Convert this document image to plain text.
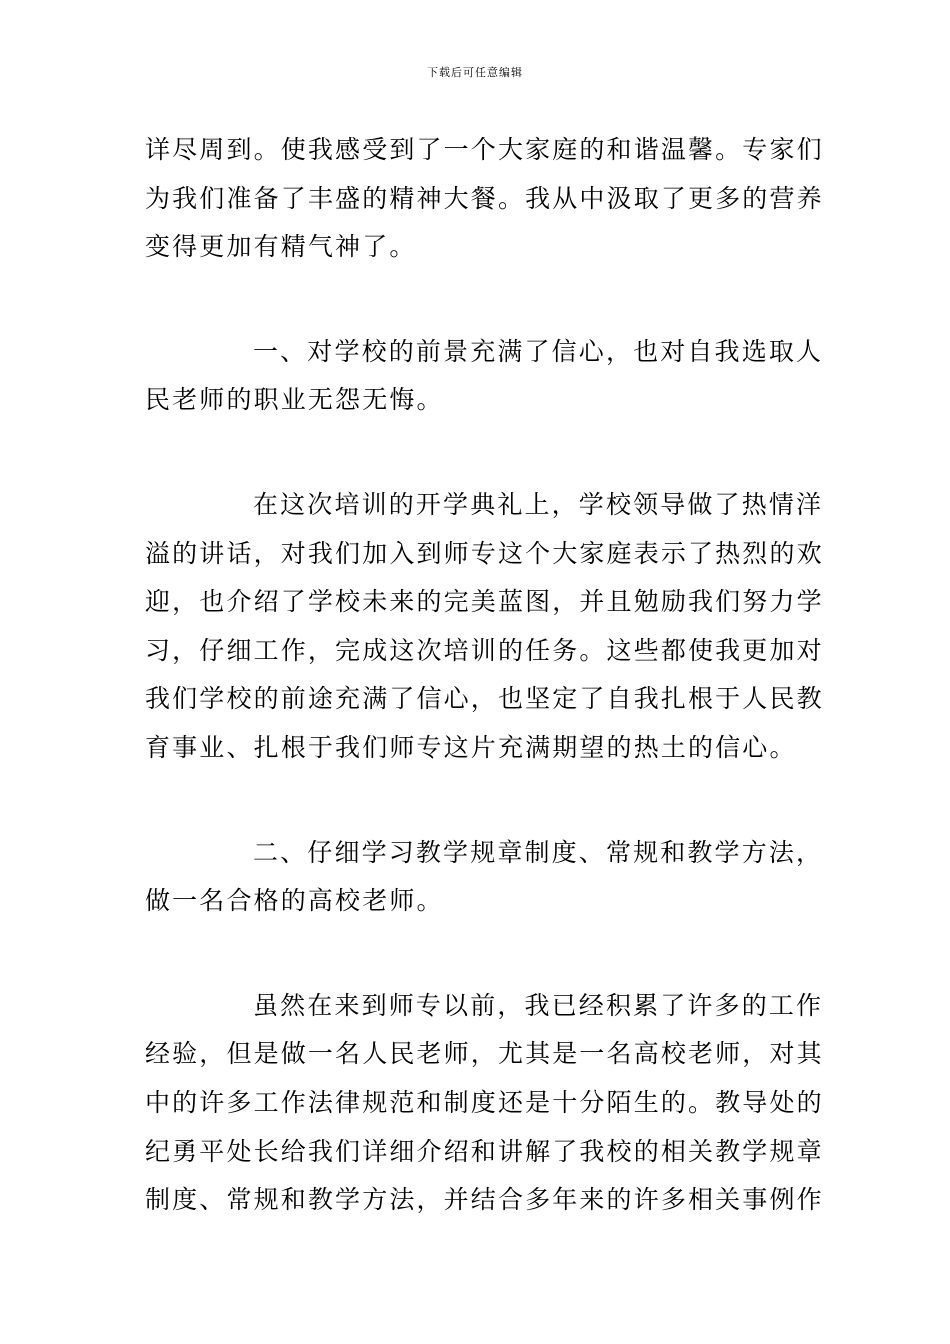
下载后可任意编辑

详尽周到。使我感受到了一个大家庭的和谐温馨。专家们
为我们准备了丰盛的精神大餐。我从中汲取了更多的营养
变得更加有精气神了。

一、对学校的前景充满了信心，也对自我选取人
民老师的职业无怨无悔。

在这次培训的开学典礼上，学校领导做了热情洋
溢的讲话，对我们加入到师专这个大家庭表示了热烈的欢
迎，也介绍了学校未来的完美蓝图，并且勉励我们努力学
习，仔细工作，完成这次培训的任务。这些都使我更加对
我们学校的前途充满了信心，也坚定了自我扎根于人民教
育事业、扎根于我们师专这片充满期望的热土的信心。

二、仔细学习教学规章制度、常规和教学方法，
做一名合格的高校老师。

虽然在来到师专以前，我已经积累了许多的工作
经验，但是做一名人民老师，尤其是一名高校老师，对其
中的许多工作法律规范和制度还是十分陌生的。教导处的
纪勇平处长给我们详细介绍和讲解了我校的相关教学规章
制度、常规和教学方法，并结合多年来的许多相关事例作
